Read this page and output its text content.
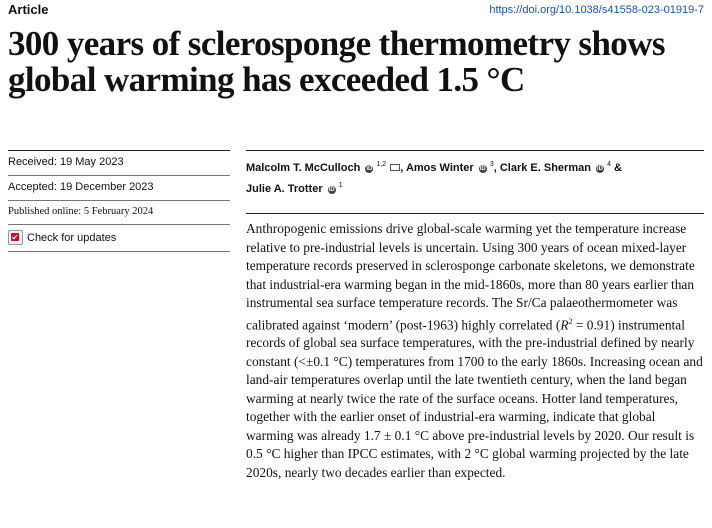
Article	https://doi.org/10.1038/s41558-023-01919-7
300 years of sclerosponge thermometry shows global warming has exceeded 1.5 °C
Received: 19 May 2023
Accepted: 19 December 2023
Published online: 5 February 2024
Check for updates
Malcolm T. McCulloch iD $^{1,2}$ , Amos Winter iD $^3$, Clark E. Sherman iD $^4$ &
Julie A. Trotter iD $^1$

Anthropogenic emissions drive global-scale warming yet the temperature increase relative to pre-industrial levels is uncertain. Using 300 years of ocean mixed-layer temperature records preserved in sclerosponge carbonate skeletons, we demonstrate that industrial-era warming began in the mid-1860s, more than 80 years earlier than instrumental sea surface temperature records. The Sr/Ca palaeothermometer was calibrated against ‘modern’ (post-1963) highly correlated $(R^2 = 0.91)$ instrumental records of global sea surface temperatures, with the pre-industrial defined by nearly constant (<±0.1 °C) temperatures from 1700 to the early 1860s. Increasing ocean and land-air temperatures overlap until the late twentieth century, when the land began warming at nearly twice the rate of the surface oceans. Hotter land temperatures, together with the earlier onset of industrial-era warming, indicate that global warming was already 1.7 ± 0.1 °C above pre-industrial levels by 2020. Our result is 0.5 °C higher than IPCC estimates, with 2 °C global warming projected by the late 2020s, nearly two decades earlier than expected.
